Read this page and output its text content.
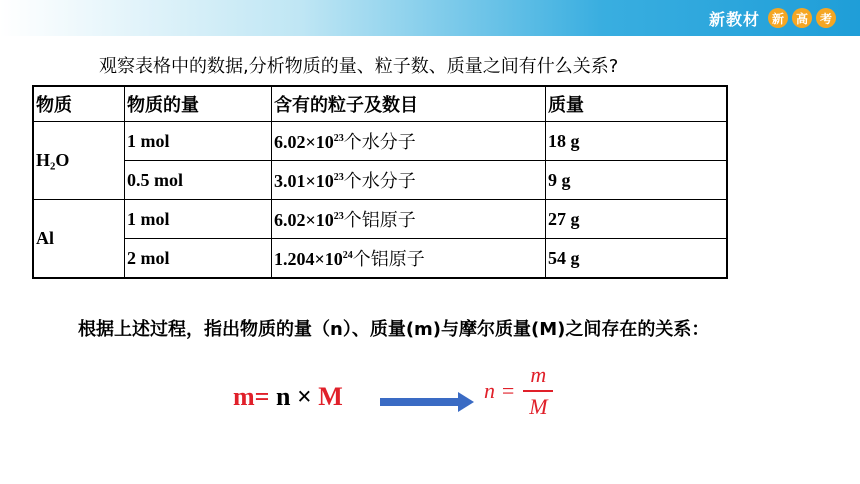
新教材 新 高 考
观察表格中的数据,分析物质的量、粒子数、质量之间有什么关系?
物质	物质的量	含有的粒子及数目	质量
H₂O	1 mol	$6.02\times 10^{23}$个水分子	18 g
	0.5 mol	$3.01\times 10^{23}$个水分子	9 g
Al	1 mol	$6.02\times 10^{23}$个铝原子	27 g
	2 mol	$1.204\times 10^{24}$个铝原子	54 g
根据上述过程，指出物质的量（n）、质量(m)与摩尔质量(M)之间存在的关系：
m= n × M	n =
m
M
